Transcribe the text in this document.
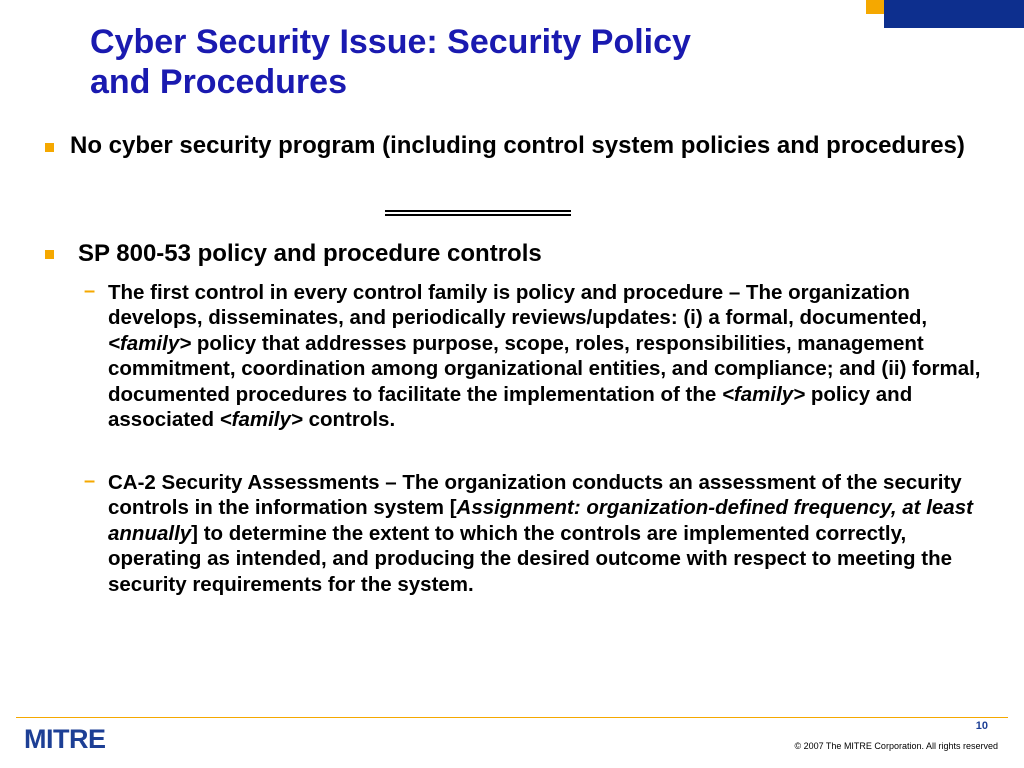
Cyber Security Issue: Security Policy
and Procedures
No cyber security program (including control system policies and procedures)
SP 800-53 policy and procedure controls
– The first control in every control family is policy and procedure – The organization develops, disseminates, and periodically reviews/updates: (i) a formal, documented, <family> policy that addresses purpose, scope, roles, responsibilities, management commitment, coordination among organizational entities, and compliance; and (ii) formal, documented procedures to facilitate the implementation of the <family> policy and associated <family> controls.
– CA-2 Security Assessments – The organization conducts an assessment of the security controls in the information system [Assignment: organization-defined frequency, at least annually] to determine the extent to which the controls are implemented correctly, operating as intended, and producing the desired outcome with respect to meeting the security requirements for the system.
MITRE	10
© 2007 The MITRE Corporation. All rights reserved
